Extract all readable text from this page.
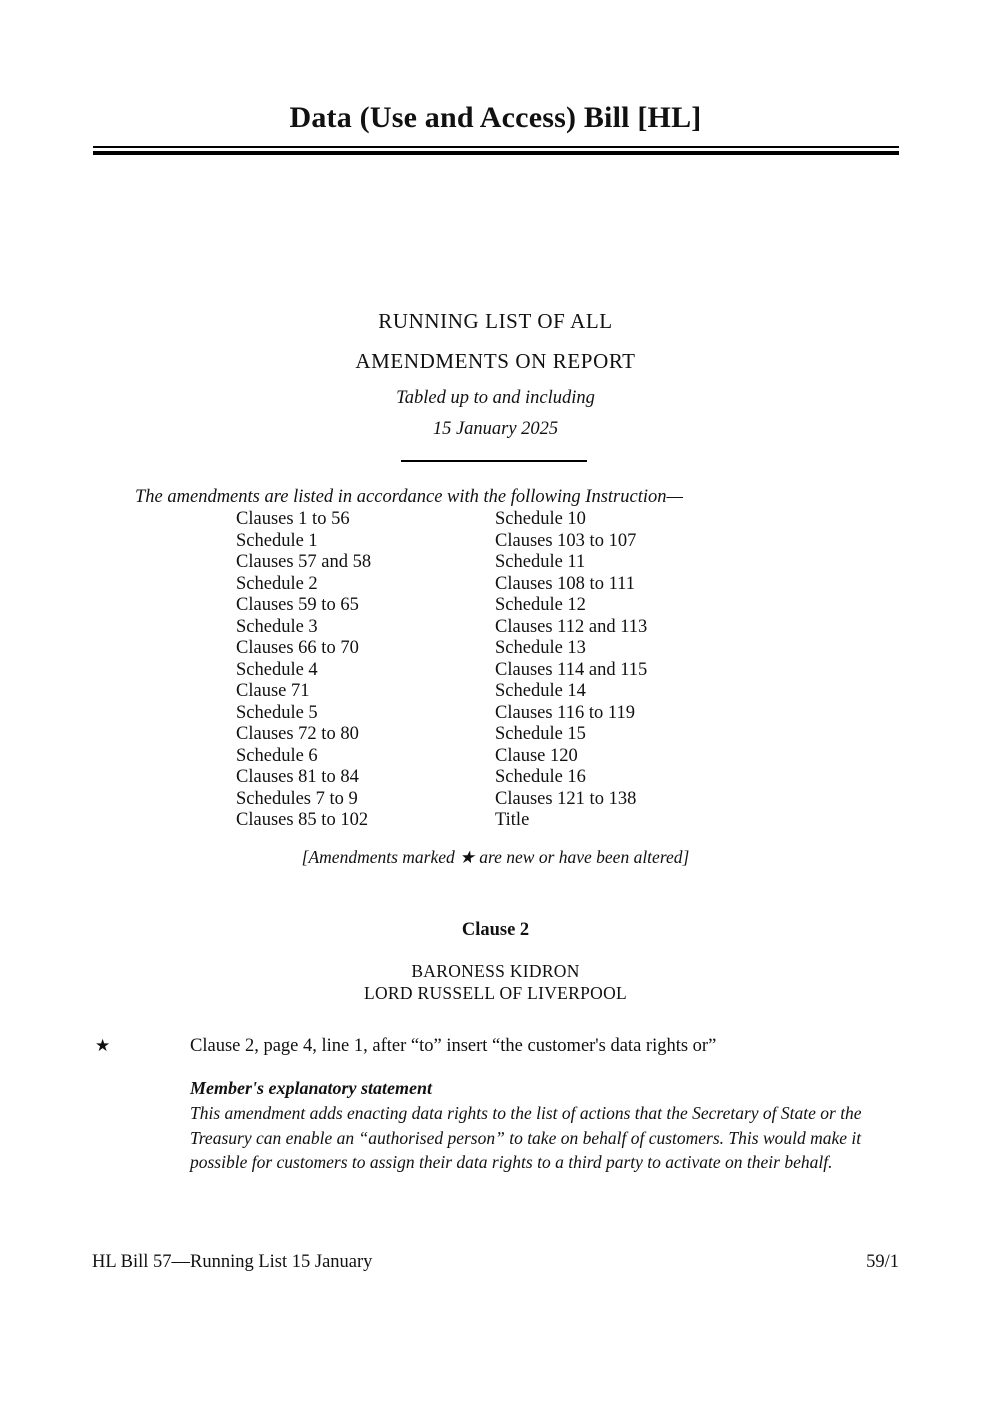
Data (Use and Access) Bill [HL]
RUNNING LIST OF ALL
AMENDMENTS ON REPORT
Tabled up to and including
15 January 2025
The amendments are listed in accordance with the following Instruction—
Clauses 1 to 56
Schedule 1
Clauses 57 and 58
Schedule 2
Clauses 59 to 65
Schedule 3
Clauses 66 to 70
Schedule 4
Clause 71
Schedule 5
Clauses 72 to 80
Schedule 6
Clauses 81 to 84
Schedules 7 to 9
Clauses 85 to 102
Schedule 10
Clauses 103 to 107
Schedule 11
Clauses 108 to 111
Schedule 12
Clauses 112 and 113
Schedule 13
Clauses 114 and 115
Schedule 14
Clauses 116 to 119
Schedule 15
Clause 120
Schedule 16
Clauses 121 to 138
Title
[Amendments marked ★ are new or have been altered]
Clause 2
BARONESS KIDRON
LORD RUSSELL OF LIVERPOOL
★	Clause 2, page 4, line 1, after “to” insert “the customer's data rights or”
Member's explanatory statement
This amendment adds enacting data rights to the list of actions that the Secretary of State or the Treasury can enable an “authorised person” to take on behalf of customers. This would make it possible for customers to assign their data rights to a third party to activate on their behalf.
HL Bill 57—Running List 15 January	59/1
